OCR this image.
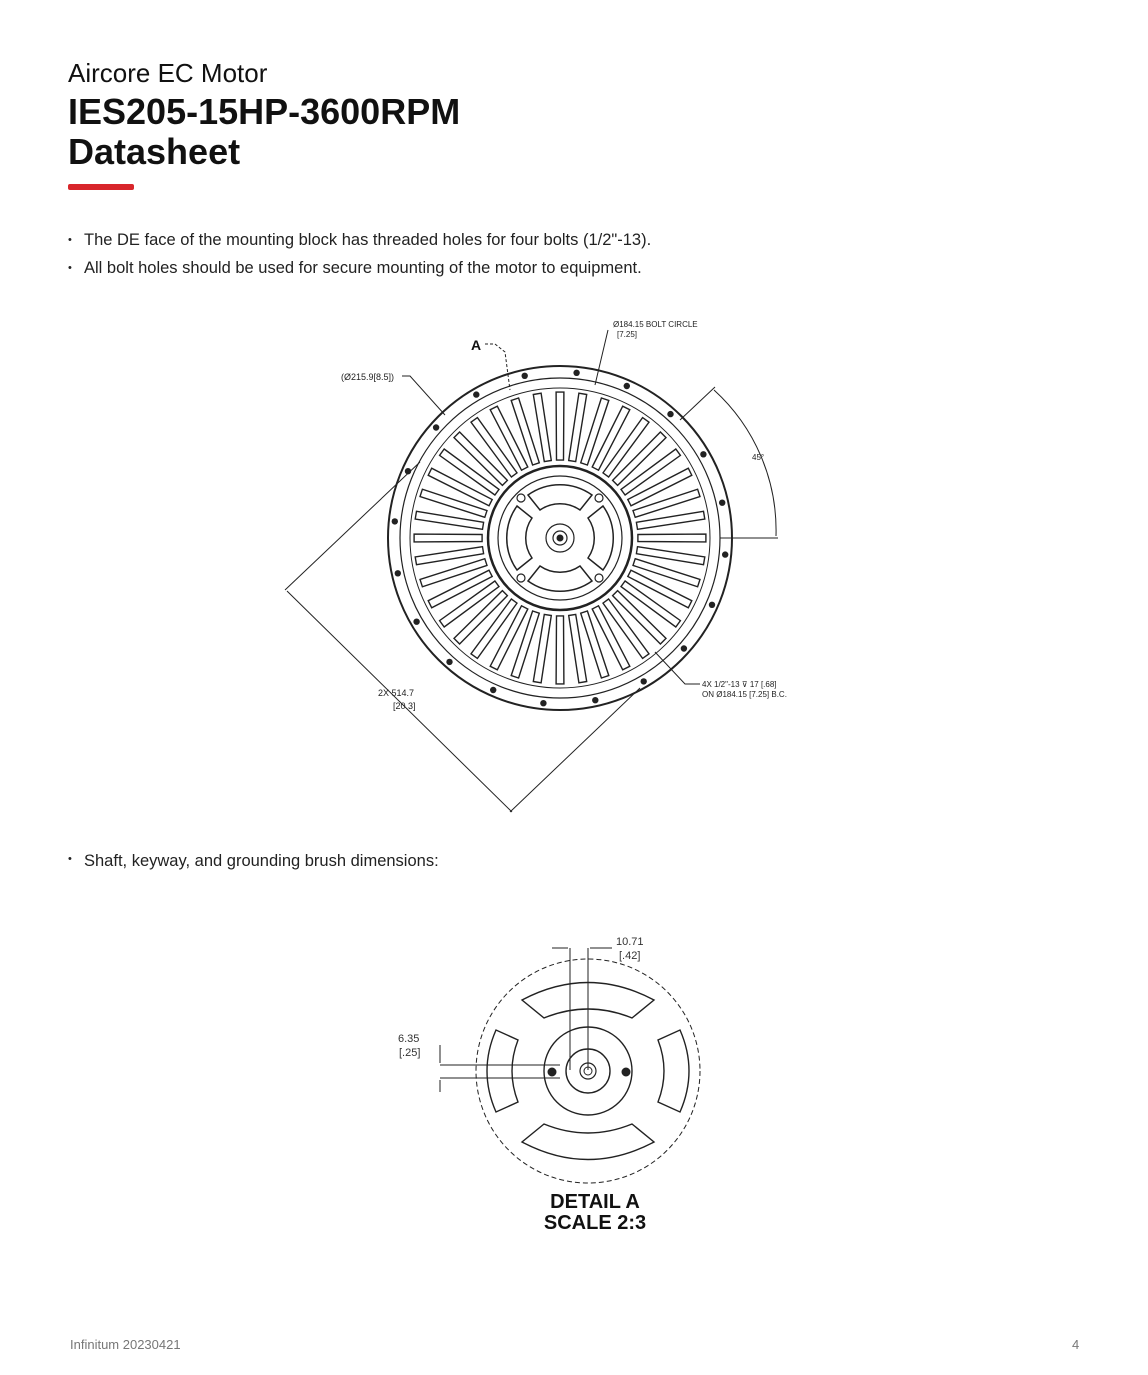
Aircore EC Motor
IES205-15HP-3600RPM
Datasheet
• The DE face of the mounting block has threaded holes for four bolts (1/2"-13).
• All bolt holes should be used for secure mounting of the motor to equipment.
A
Ø184.15 BOLT CIRCLE
[7.25]
(Ø215.9[8.5])
45°
2X 514.7
[20.3]
4X 1/2"-13 ⊽ 17 [.68]
ON Ø184.15 [7.25] B.C.
• Shaft, keyway, and grounding brush dimensions:
10.71
[.42]
6.35
[.25]
DETAIL A
SCALE 2:3
Infinitum 20230421	4
